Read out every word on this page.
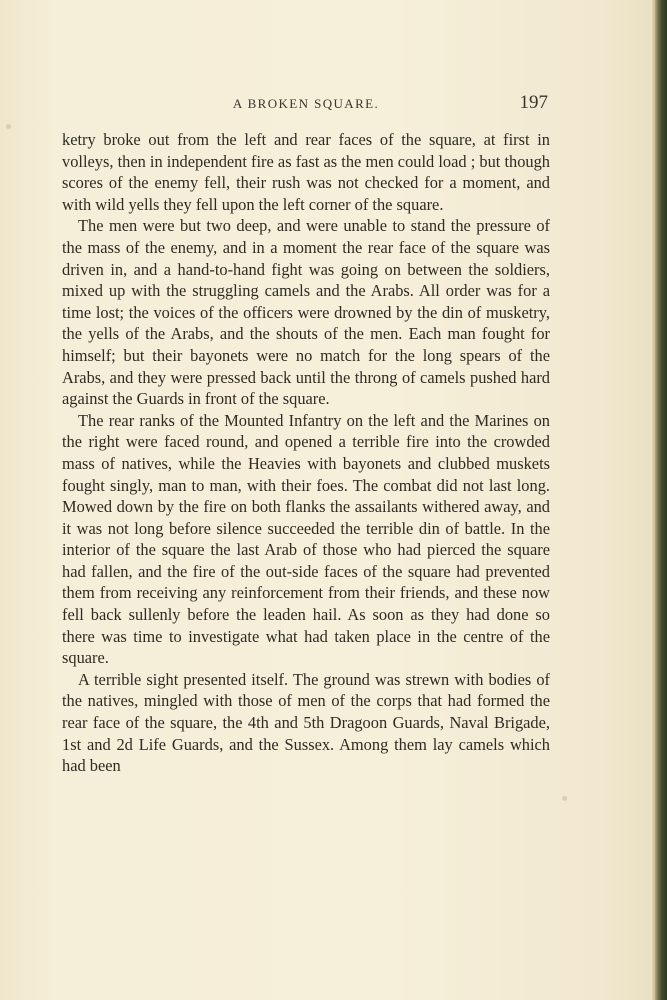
A BROKEN SQUARE.	197

ketry broke out from the left and rear faces of the square, at first in volleys, then in independent fire as fast as the men could load ; but though scores of the enemy fell, their rush was not checked for a moment, and with wild yells they fell upon the left corner of the square.

The men were but two deep, and were unable to stand the pressure of the mass of the enemy, and in a moment the rear face of the square was driven in, and a hand-to-hand fight was going on between the soldiers, mixed up with the struggling camels and the Arabs. All order was for a time lost; the voices of the officers were drowned by the din of musketry, the yells of the Arabs, and the shouts of the men. Each man fought for himself; but their bayonets were no match for the long spears of the Arabs, and they were pressed back until the throng of camels pushed hard against the Guards in front of the square.

The rear ranks of the Mounted Infantry on the left and the Marines on the right were faced round, and opened a terrible fire into the crowded mass of natives, while the Heavies with bayonets and clubbed muskets fought singly, man to man, with their foes. The combat did not last long. Mowed down by the fire on both flanks the assailants withered away, and it was not long before silence succeeded the terrible din of battle. In the interior of the square the last Arab of those who had pierced the square had fallen, and the fire of the out-side faces of the square had prevented them from receiving any reinforcement from their friends, and these now fell back sullenly before the leaden hail. As soon as they had done so there was time to investigate what had taken place in the centre of the square.

A terrible sight presented itself. The ground was strewn with bodies of the natives, mingled with those of men of the corps that had formed the rear face of the square, the 4th and 5th Dragoon Guards, Naval Brigade, 1st and 2d Life Guards, and the Sussex. Among them lay camels which had been
